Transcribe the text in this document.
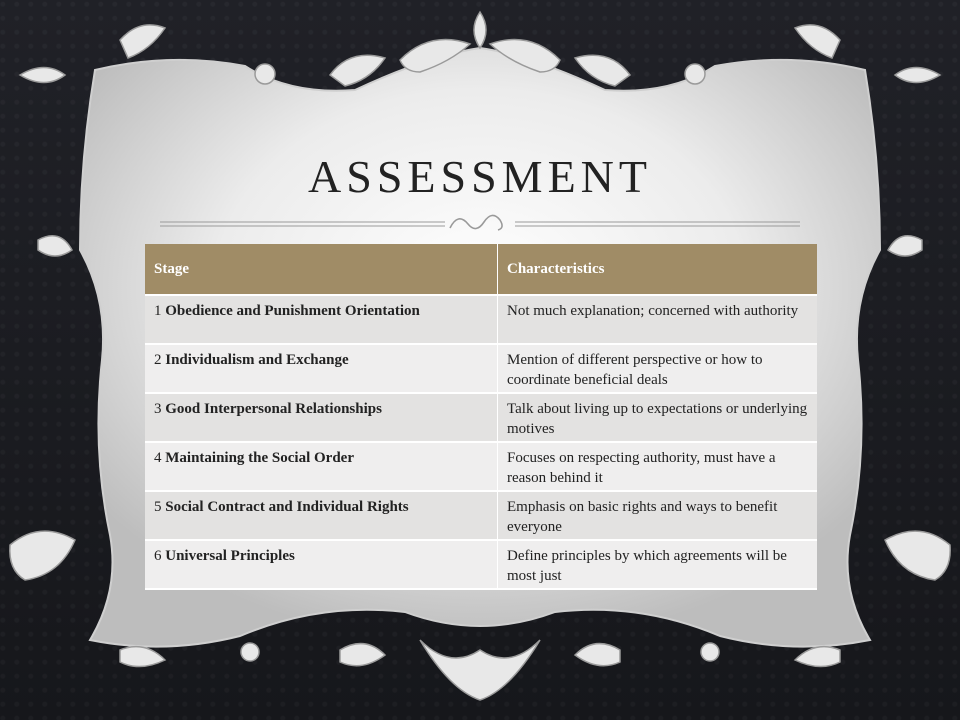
ASSESSMENT
Stage	Characteristics
1 Obedience and Punishment Orientation	Not much explanation; concerned with authority
2 Individualism and Exchange	Mention of different perspective or how to coordinate beneficial deals
3 Good Interpersonal Relationships	Talk about living up to expectations or underlying motives
4 Maintaining the Social Order	Focuses on respecting authority, must have a reason behind it
5 Social Contract and Individual Rights	Emphasis on basic rights and ways to benefit everyone
6 Universal Principles	Define principles by which agreements will be most just
